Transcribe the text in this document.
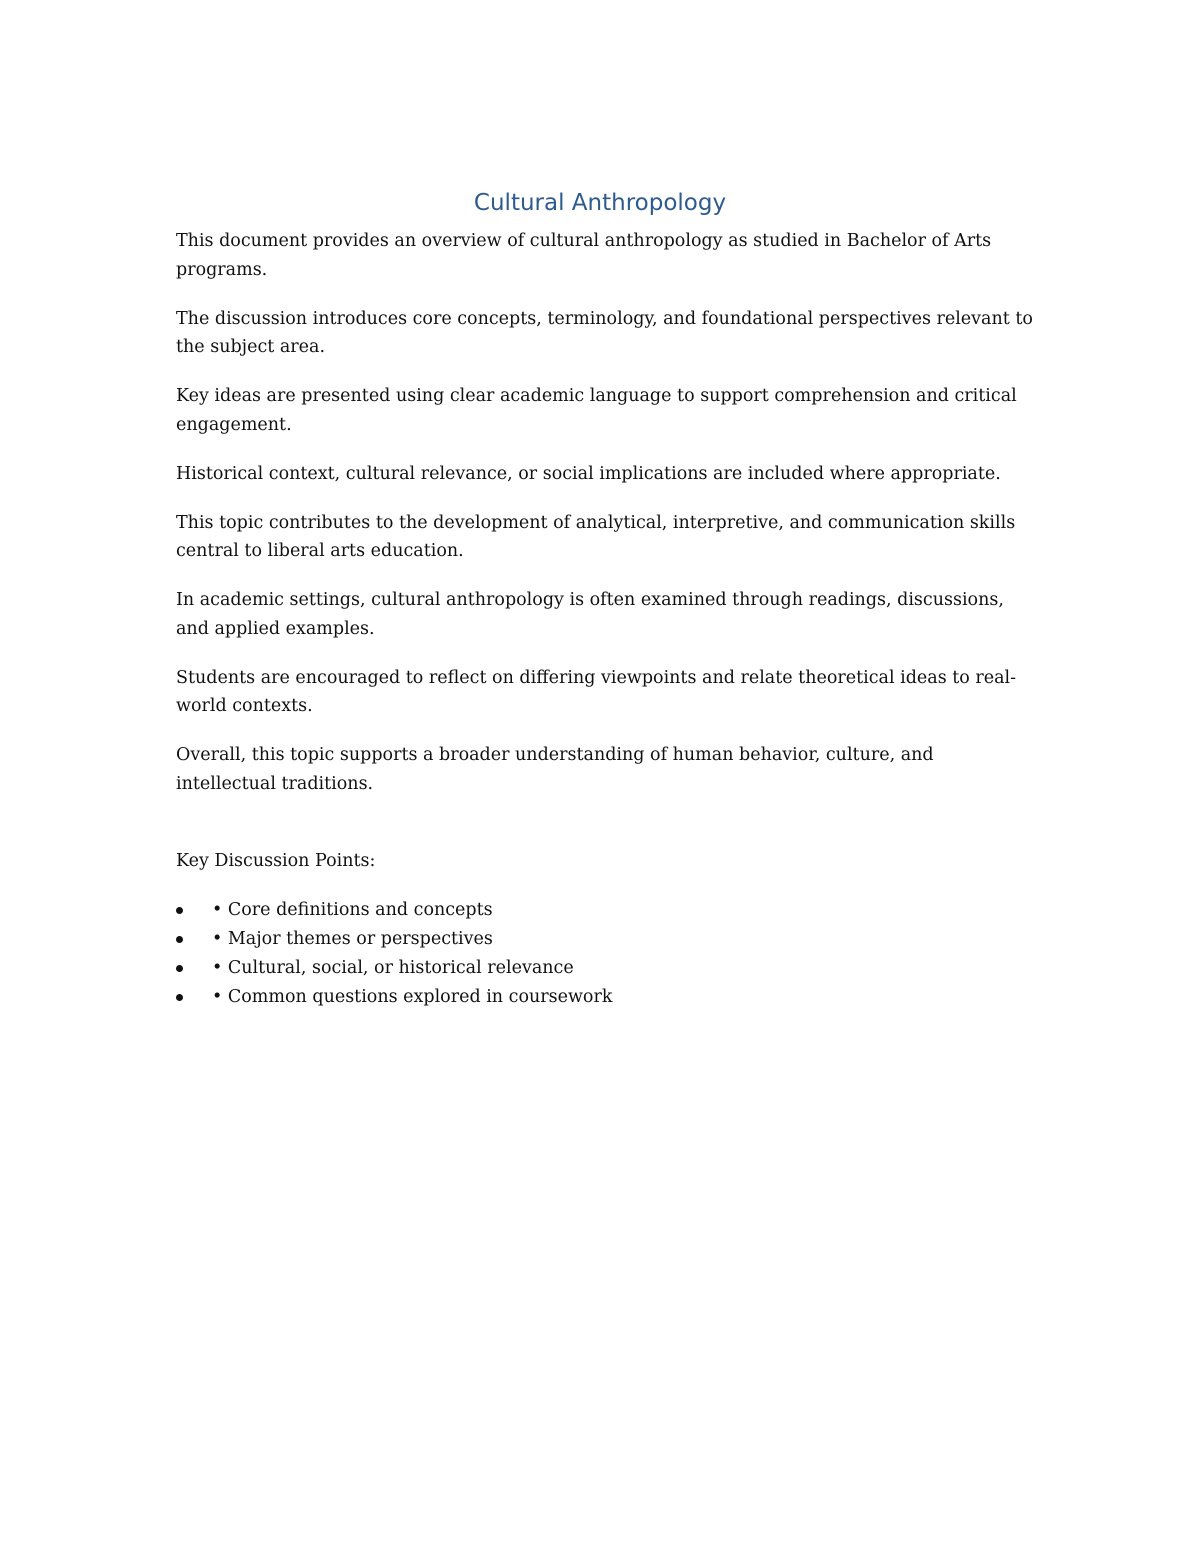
Cultural Anthropology

This document provides an overview of cultural anthropology as studied in Bachelor of Arts programs.

The discussion introduces core concepts, terminology, and foundational perspectives relevant to the subject area.

Key ideas are presented using clear academic language to support comprehension and critical engagement.

Historical context, cultural relevance, or social implications are included where appropriate.

This topic contributes to the development of analytical, interpretive, and communication skills central to liberal arts education.

In academic settings, cultural anthropology is often examined through readings, discussions, and applied examples.

Students are encouraged to reflect on differing viewpoints and relate theoretical ideas to real-world contexts.

Overall, this topic supports a broader understanding of human behavior, culture, and intellectual traditions.

Key Discussion Points:

• Core definitions and concepts
• Major themes or perspectives
• Cultural, social, or historical relevance
• Common questions explored in coursework
